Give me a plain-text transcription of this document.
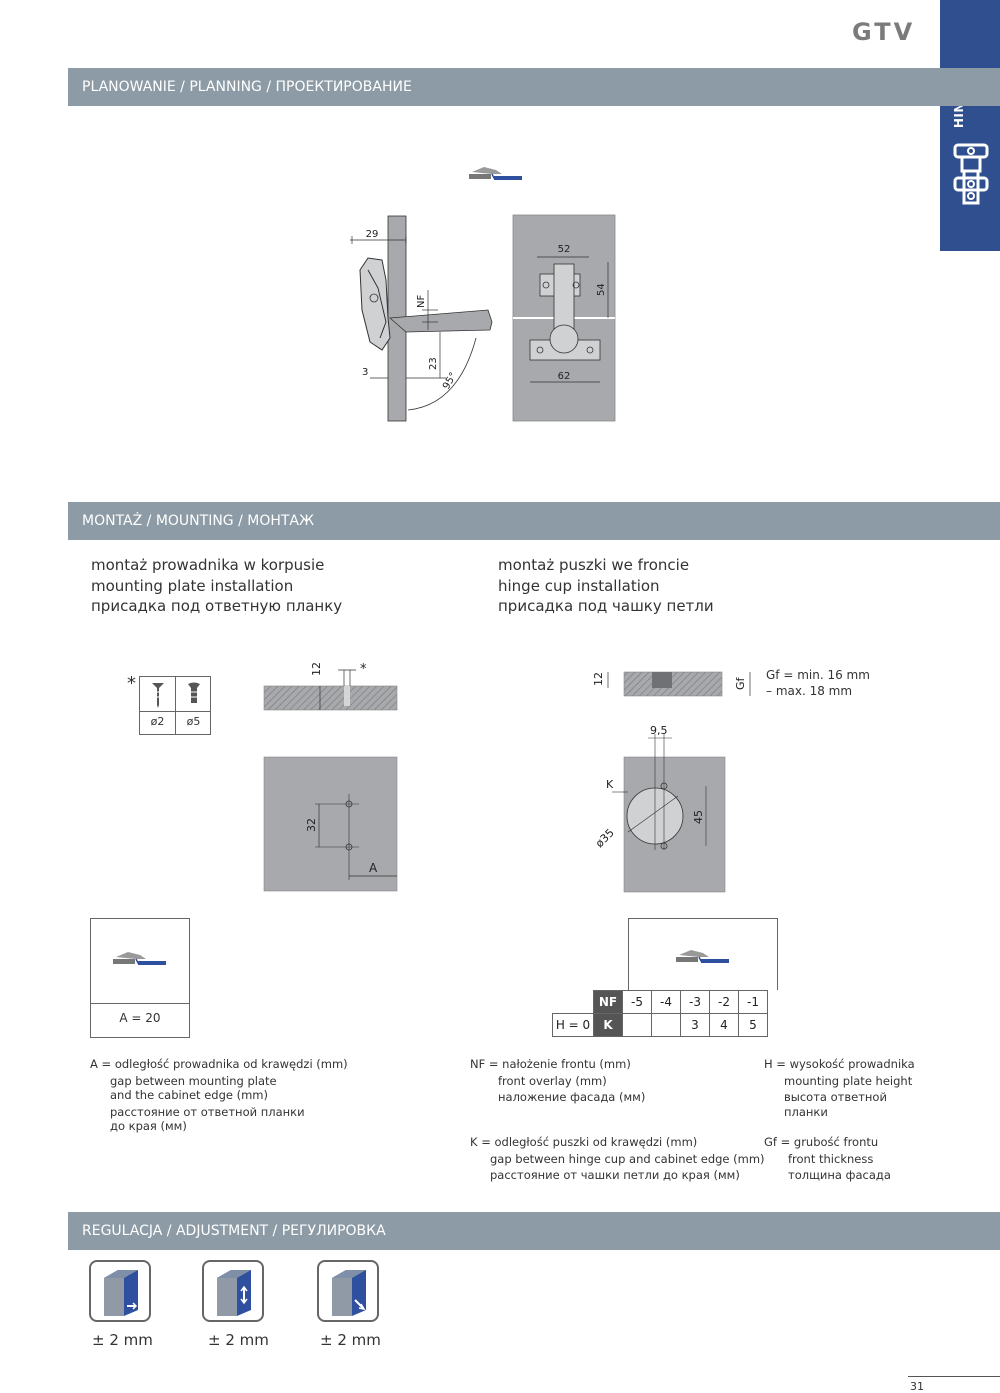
GTV
PLANOWANIE / PLANNING / ПРОЕКТИРОВАНИЕ
29
NF
23
3	95°
52
54
62
MONTAŻ / MOUNTING / МОНТАЖ
montaż prowadnika w korpusie
mounting plate installation
присадка под ответную планку
montaż puszki we froncie
hinge cup installation
присадка под чашку петли
*
ø2	ø5
12	*
32
A
12	Gf
Gf = min. 16 mm
– max. 18 mm
9,5
K
45
ø35
A = 20
	NF	-5	-4	-3	-2	-1
H = 0	K			3	4	5
A = odległość prowadnika od krawędzi (mm)
gap between mounting plate
and the cabinet edge (mm)
расстояние от ответной планки
до края (мм)
NF = nałożenie frontu (mm)
front overlay (mm)
наложение фасада (мм)
H = wysokość prowadnika
mounting plate height
высота ответной
планки
K = odległość puszki od krawędzi (mm)
gap between hinge cup and cabinet edge (mm)
расстояние от чашки петли до края (мм)
Gf = grubość frontu
front thickness
толщина фасада
REGULACJA / ADJUSTMENT / РЕГУЛИРОВКА
± 2 mm	± 2 mm	± 2 mm
31
